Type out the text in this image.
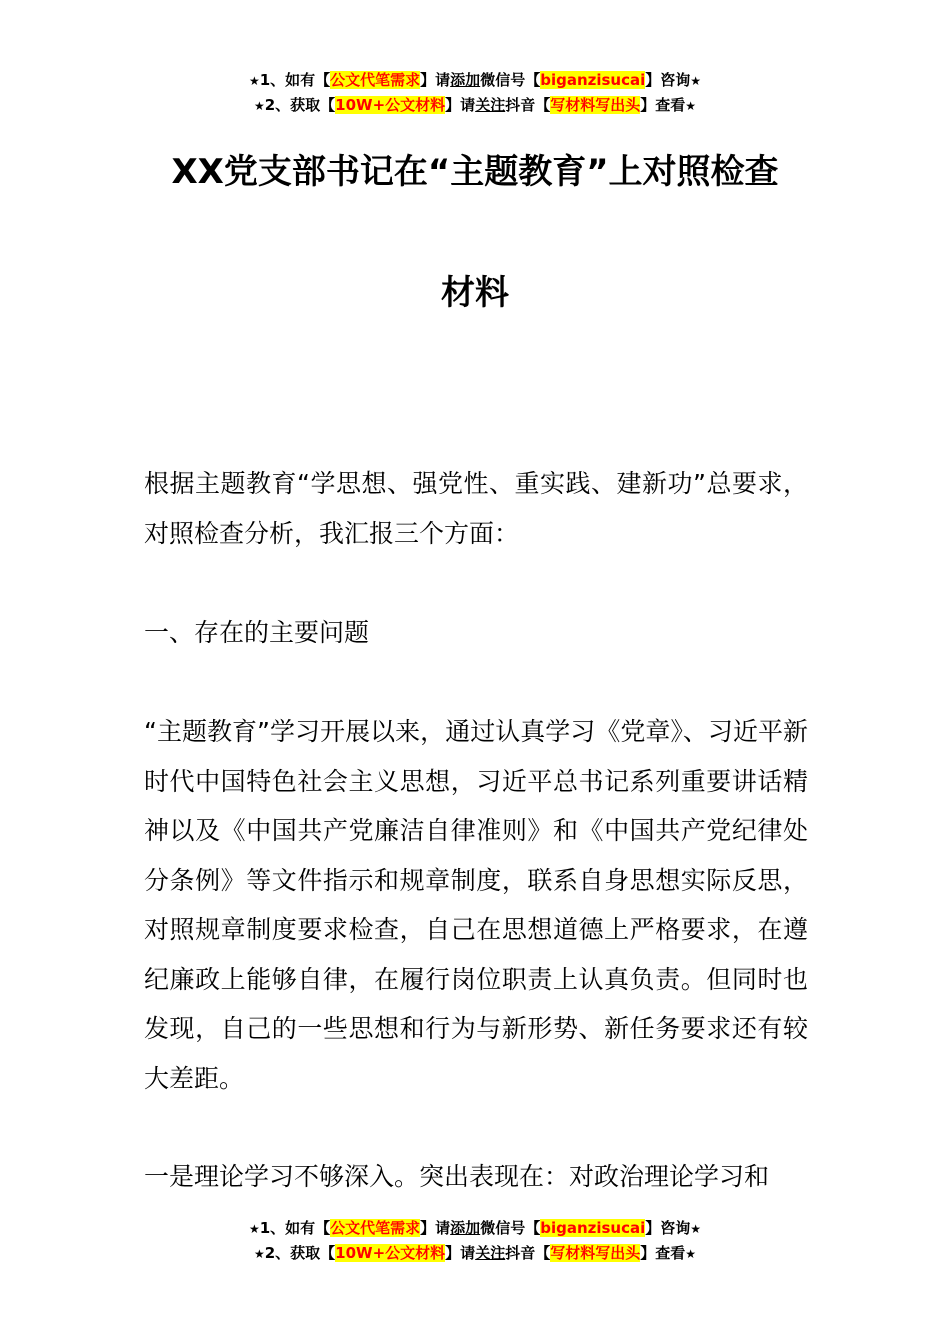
★1、如有【公文代笔需求】请添加微信号【biganzisucai】咨询★
★2、获取【10W+公文材料】请关注抖音【写材料写出头】查看★
XX党支部书记在“主题教育”上对照检查
材料

根据主题教育“学思想、强党性、重实践、建新功”总要求，对照检查分析，我汇报三个方面：

一、存在的主要问题

“主题教育”学习开展以来，通过认真学习《党章》、习近平新时代中国特色社会主义思想，习近平总书记系列重要讲话精神以及《中国共产党廉洁自律准则》和《中国共产党纪律处分条例》等文件指示和规章制度，联系自身思想实际反思，对照规章制度要求检查，自己在思想道德上严格要求，在遵纪廉政上能够自律，在履行岗位职责上认真负责。但同时也发现，自己的一些思想和行为与新形势、新任务要求还有较大差距。

一是理论学习不够深入。突出表现在：对政治理论学习和

★1、如有【公文代笔需求】请添加微信号【biganzisucai】咨询★
★2、获取【10W+公文材料】请关注抖音【写材料写出头】查看★
